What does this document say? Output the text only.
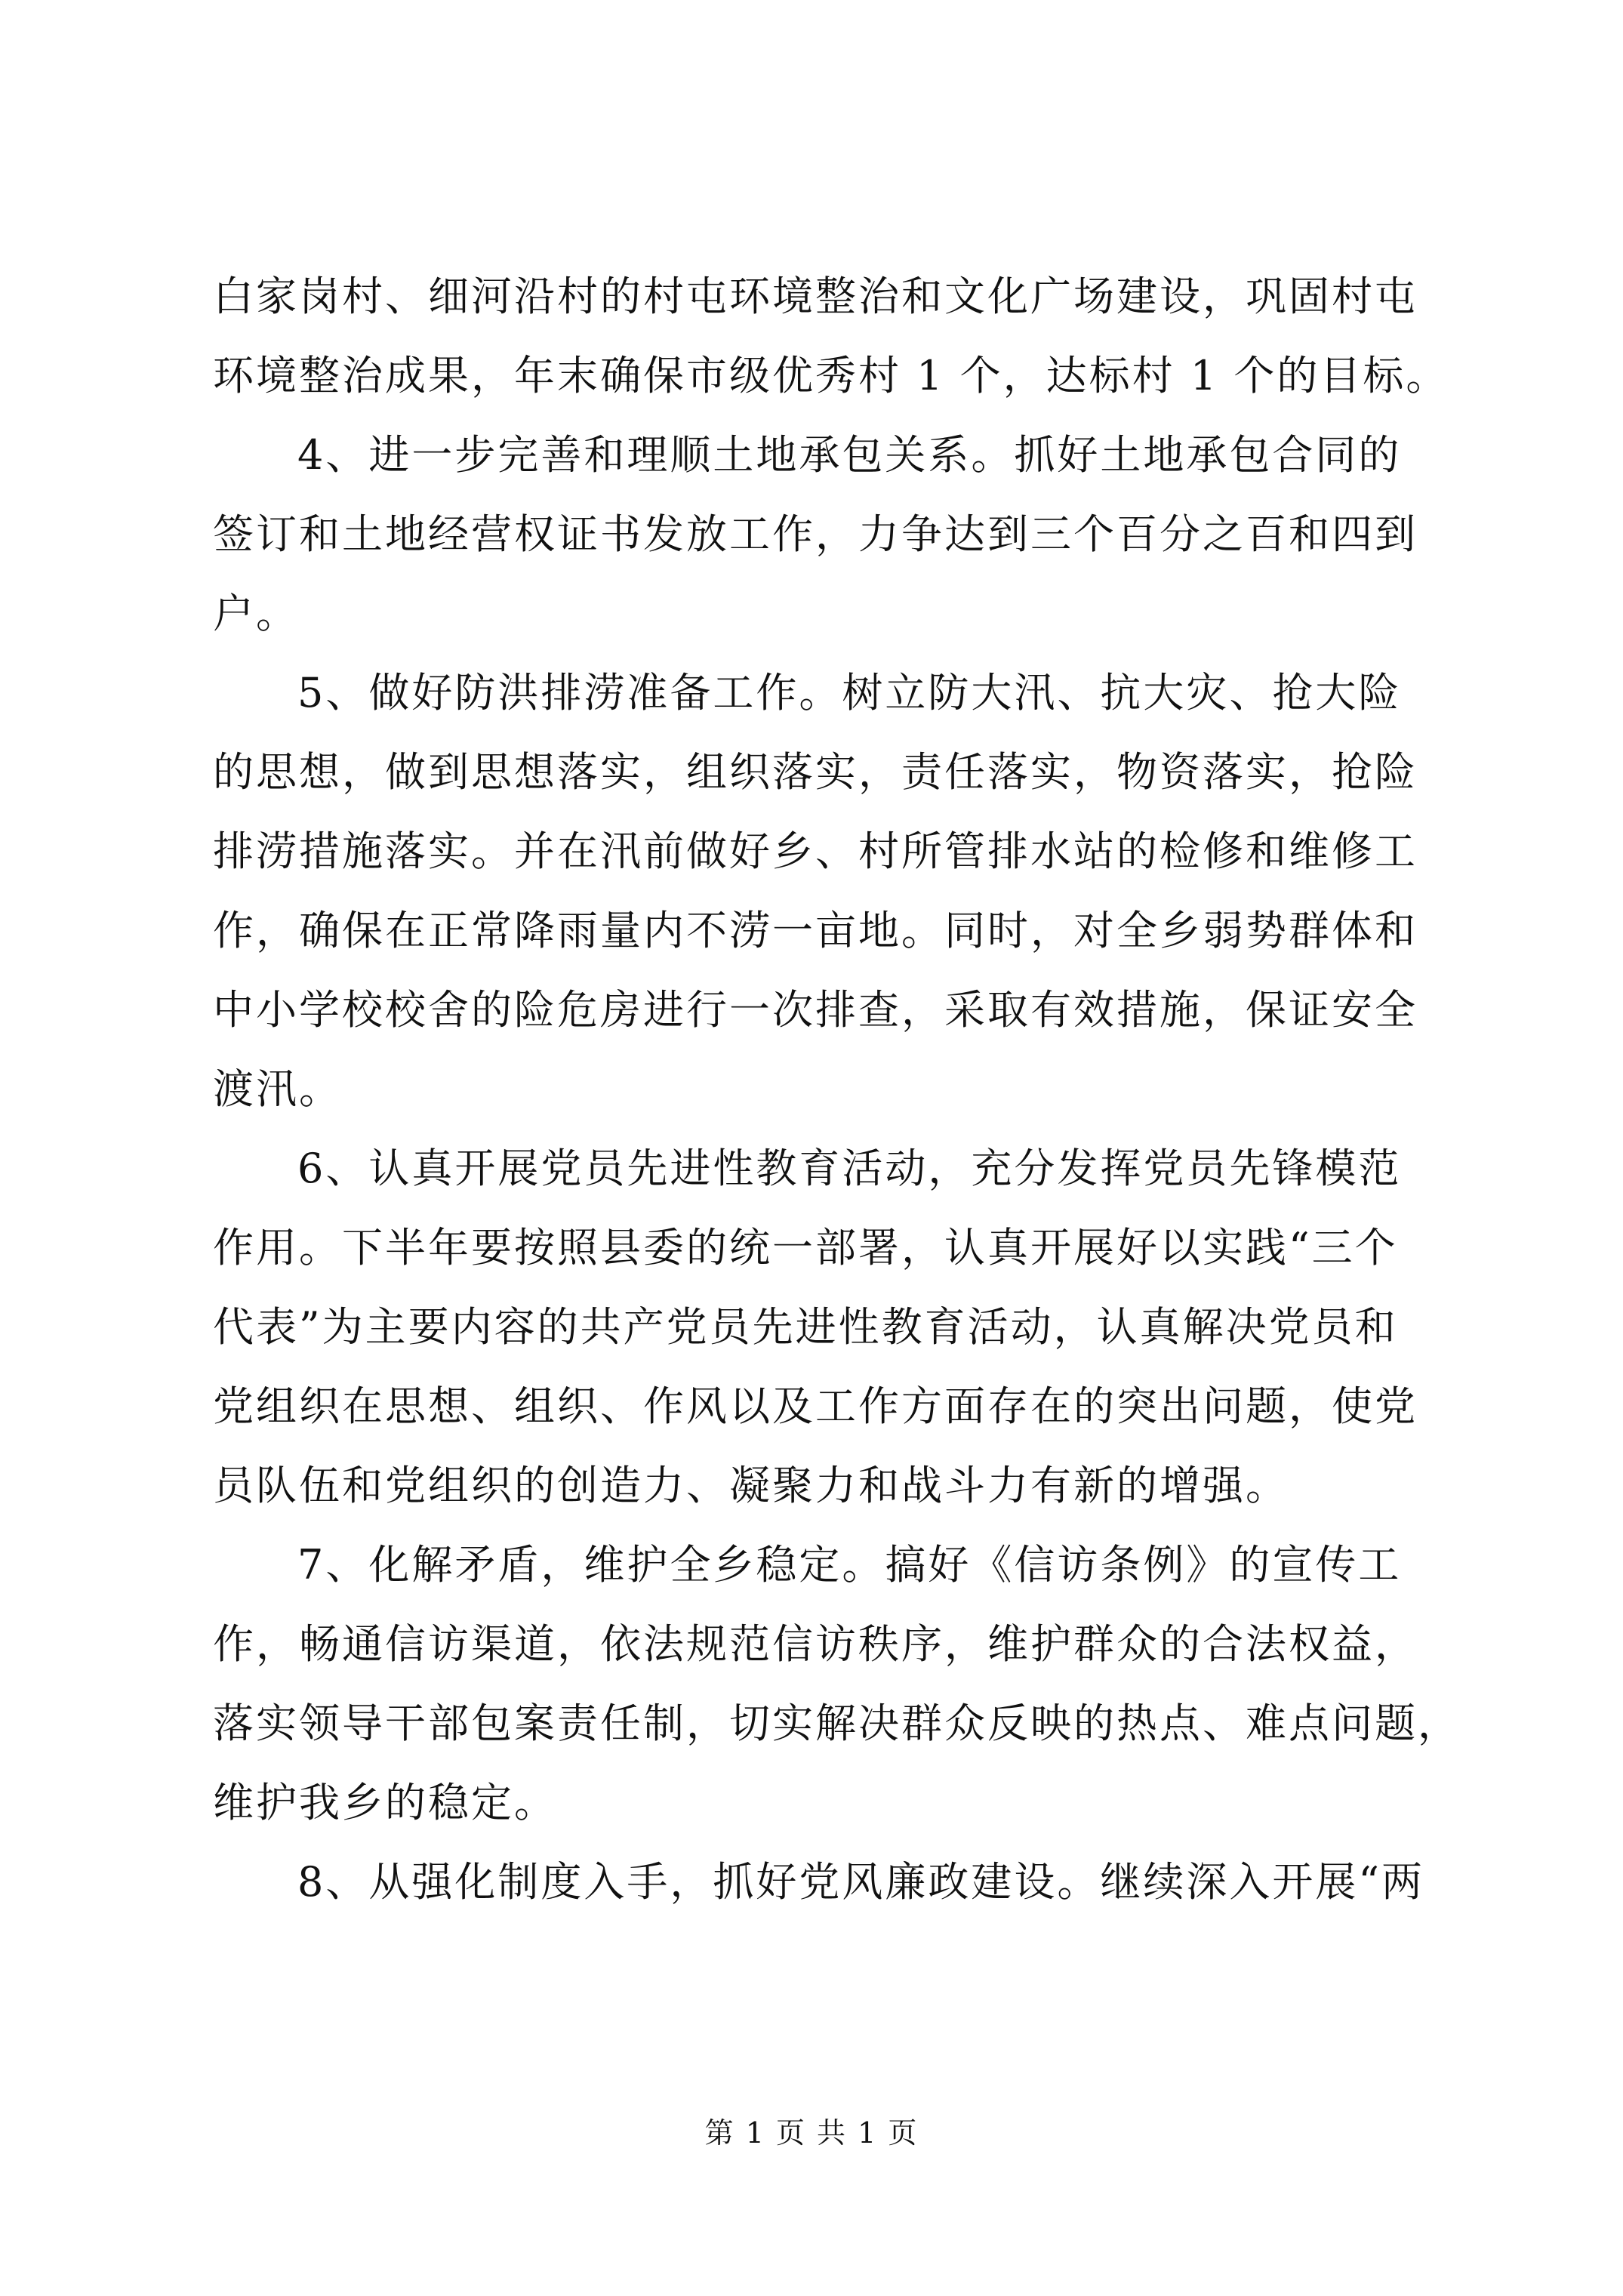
白家岗村、细河沿村的村屯环境整治和文化广场建设，巩固村屯
环境整治成果，年末确保市级优秀村 1 个，达标村 1 个的目标。
4、进一步完善和理顺土地承包关系。抓好土地承包合同的
签订和土地经营权证书发放工作，力争达到三个百分之百和四到
户。
5、做好防洪排涝准备工作。树立防大汛、抗大灾、抢大险
的思想，做到思想落实，组织落实，责任落实，物资落实，抢险
排涝措施落实。并在汛前做好乡、村所管排水站的检修和维修工
作，确保在正常降雨量内不涝一亩地。同时，对全乡弱势群体和
中小学校校舍的险危房进行一次排查，采取有效措施，保证安全
渡汛。
6、认真开展党员先进性教育活动，充分发挥党员先锋模范
作用。下半年要按照县委的统一部署，认真开展好以实践“三个
代表”为主要内容的共产党员先进性教育活动，认真解决党员和
党组织在思想、组织、作风以及工作方面存在的突出问题，使党
员队伍和党组织的创造力、凝聚力和战斗力有新的增强。
7、化解矛盾，维护全乡稳定。搞好《信访条例》的宣传工
作，畅通信访渠道，依法规范信访秩序，维护群众的合法权益，
落实领导干部包案责任制，切实解决群众反映的热点、难点问题，
维护我乡的稳定。
8、从强化制度入手，抓好党风廉政建设。继续深入开展“两
第 1 页 共 1 页
